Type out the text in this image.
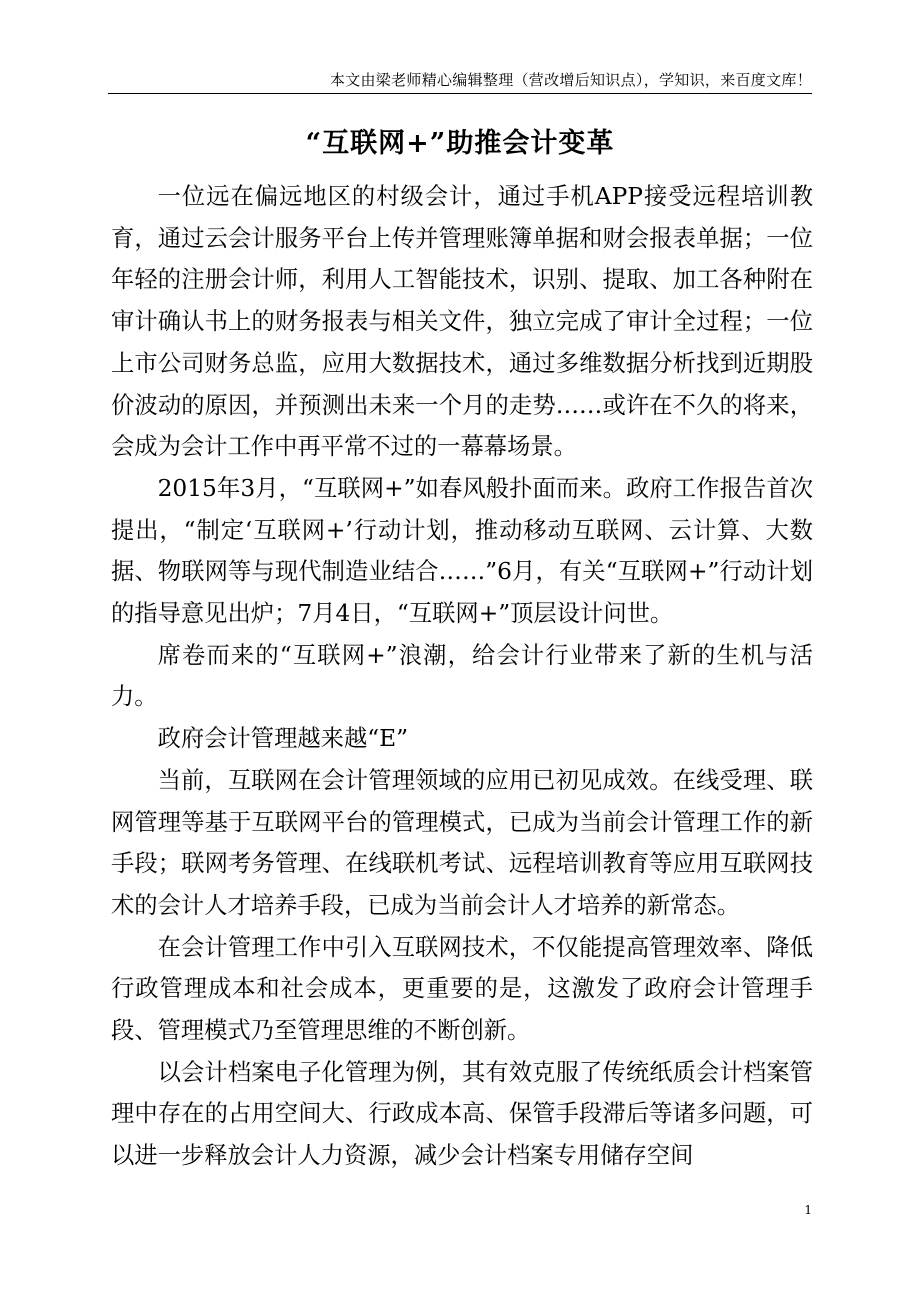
本文由梁老师精心编辑整理（营改增后知识点），学知识，来百度文库！
“互联网+”助推会计变革

一位远在偏远地区的村级会计，通过手机APP接受远程培训教育，通过云会计服务平台上传并管理账簿单据和财会报表单据；一位年轻的注册会计师，利用人工智能技术，识别、提取、加工各种附在审计确认书上的财务报表与相关文件，独立完成了审计全过程；一位上市公司财务总监，应用大数据技术，通过多维数据分析找到近期股价波动的原因，并预测出未来一个月的走势……或许在不久的将来，会成为会计工作中再平常不过的一幕幕场景。

2015年3月，“互联网+”如春风般扑面而来。政府工作报告首次提出，“制定‘互联网+’行动计划，推动移动互联网、云计算、大数据、物联网等与现代制造业结合……”6月，有关“互联网+”行动计划的指导意见出炉；7月4日，“互联网+”顶层设计问世。

席卷而来的“互联网+”浪潮，给会计行业带来了新的生机与活力。

政府会计管理越来越“E”

当前，互联网在会计管理领域的应用已初见成效。在线受理、联网管理等基于互联网平台的管理模式，已成为当前会计管理工作的新手段；联网考务管理、在线联机考试、远程培训教育等应用互联网技术的会计人才培养手段，已成为当前会计人才培养的新常态。

在会计管理工作中引入互联网技术，不仅能提高管理效率、降低行政管理成本和社会成本，更重要的是，这激发了政府会计管理手段、管理模式乃至管理思维的不断创新。

以会计档案电子化管理为例，其有效克服了传统纸质会计档案管理中存在的占用空间大、行政成本高、保管手段滞后等诸多问题，可以进一步释放会计人力资源，减少会计档案专用储存空间

1
